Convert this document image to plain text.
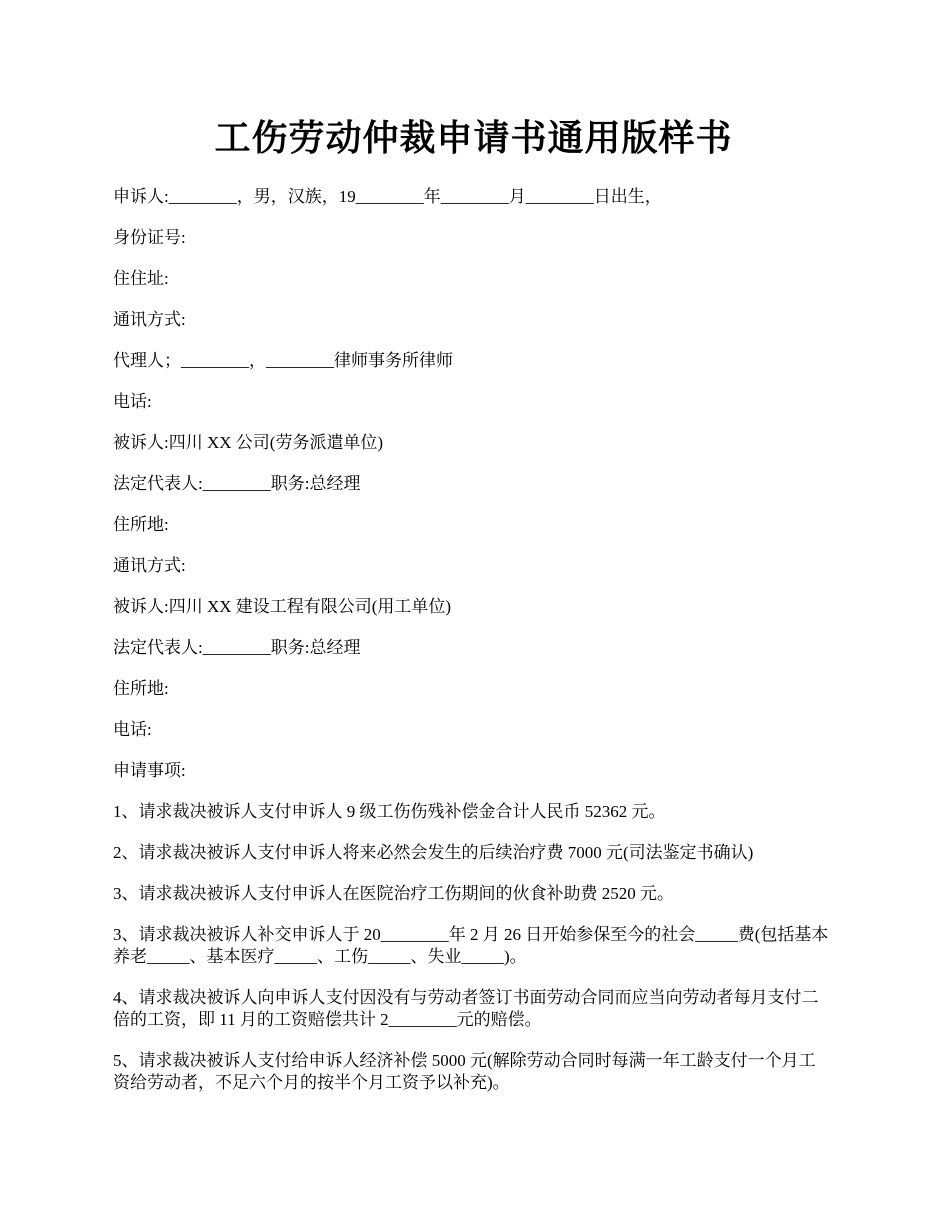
工伤劳动仲裁申请书通用版样书
申诉人:________，男，汉族，19________年________月________日出生，
身份证号:
住住址:
通讯方式:
代理人；________，________律师事务所律师
电话:
被诉人:四川 XX 公司(劳务派遣单位)
法定代表人:________职务:总经理
住所地:
通讯方式:
被诉人:四川 XX 建设工程有限公司(用工单位)
法定代表人:________职务:总经理
住所地:
电话:
申请事项:
1、请求裁决被诉人支付申诉人 9 级工伤伤残补偿金合计人民币 52362 元。
2、请求裁决被诉人支付申诉人将来必然会发生的后续治疗费 7000 元(司法鉴定书确认)
3、请求裁决被诉人支付申诉人在医院治疗工伤期间的伙食补助费 2520 元。
3、请求裁决被诉人补交申诉人于 20________年 2 月 26 日开始参保至今的社会_____费(包括基本养老_____、基本医疗_____、工伤_____、失业_____)。
4、请求裁决被诉人向申诉人支付因没有与劳动者签订书面劳动合同而应当向劳动者每月支付二倍的工资，即 11 月的工资赔偿共计 2________元的赔偿。
5、请求裁决被诉人支付给申诉人经济补偿 5000 元(解除劳动合同时每满一年工龄支付一个月工资给劳动者，不足六个月的按半个月工资予以补充)。
